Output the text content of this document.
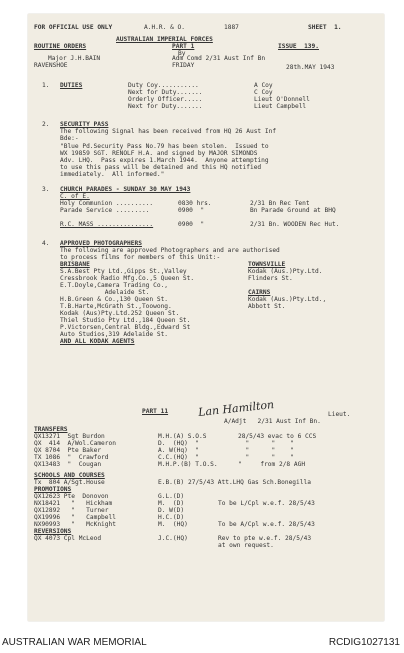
FOR OFFICIAL USE ONLY	A.H.R. & O.	1887	SHEET  1.
AUSTRALIAN IMPERIAL FORCES
ROUTINE ORDERS	PART 1	ISSUE  139.
By
Major J.H.BAIN	Adm Comd 2/31 Aust Inf Bn
RAVENSHOE	FRIDAY	28th.MAY 1943
1. DUTIES	Duty Coy...........	A Coy
Next for Duty.......	C Coy
Orderly Officer.....	Lieut O'Donnell
Next for Duty.......	Lieut Campbell
2. SECURITY PASS
The following Signal has been received from HQ 26 Aust Inf
Bde:-
"Blue Pd.Security Pass No.79 has been stolen.  Issued to
WX 19859 SGT. RENOLF H.A. and signed by MAJOR SIMONDS
Adv. LHQ.  Pass expires 1.March 1944.  Anyone attempting
to use this pass will be detained and this HQ notified
immediately.  All informed."
3. CHURCH PARADES - SUNDAY 30 MAY 1943
C. of E.
Holy Communion ..........	0830 hrs.	2/31 Bn Rec Tent
Parade Service .........	0900  "	Bn Parade Ground at BHQ
R.C. MASS ...............	0900  "	2/31 Bn. WOODEN Rec Hut.
4. APPROVED PHOTOGRAPHERS
The following are approved Photographers and are authorised
to process films for members of this Unit:-
BRISBANE
S.A.Best Pty Ltd.,Gipps St.,Valley
Cressbrook Radio Mfg.Co.,5 Queen St.
E.T.Doyle,Camera Trading Co.,
Adelaide St.
H.B.Green & Co.,130 Queen St.
T.B.Harte,McGrath St.,Toowong.
Kodak (Aus)Pty.Ltd.252 Queen St.
Thiel Studio Pty Ltd.,184 Queen St.
P.Victorsen,Central Bldg.,Edward St
Auto Studios,319 Adelaide St.
AND ALL KODAK AGENTS
TOWNSVILLE
Kodak (Aus.)Pty.Ltd.
Flinders St.
CAIRNS
Kodak (Aus.)Pty.Ltd.,
Abbott St.
Lan Hamilton	Lieut.
A/Adjt   2/31 Aust Inf Bn.
PART 11
TRANSFERS
QX13271  Sgt Burdon	M.H.(A) S.O.S	28/5/43 evac to 6 CCS
QX  414  A/Wol.Cameron	D.  (HQ)  "	"      "    "
QX 8704  Pte Baker	A. W(Hq)  "	"      "    "
TX 1086  "  Crawford	C.C.(HQ)  "	"      "    "
QX13483  "  Cougan	M.H.P.(B) T.O.S.	"     from 2/8 AGH
SCHOOLS AND COURSES
Tx  804 A/Sgt.House	E.B.(B) 27/5/43 Att.LHQ Gas Sch.Bonegilla
PROMOTIONS
QX12623 Pte  Donovon	G.L.(D)
NX18421   "   Hickham	M.  (D)	To be L/Cpl w.e.f. 28/5/43
QX12892   "   Turner	D. W(D)
QX19996   "   Campbell	H.C.(D)
NX90993   "   McKnight	M.  (HQ)	To be A/Cpl w.e.f. 28/5/43
REVERSIONS
QX 4073 Cpl McLeod	J.C.(HQ)	Rev to pte w.e.f. 28/5/43
at own request.
AUSTRALIAN WAR MEMORIAL	RCDIG1027131
